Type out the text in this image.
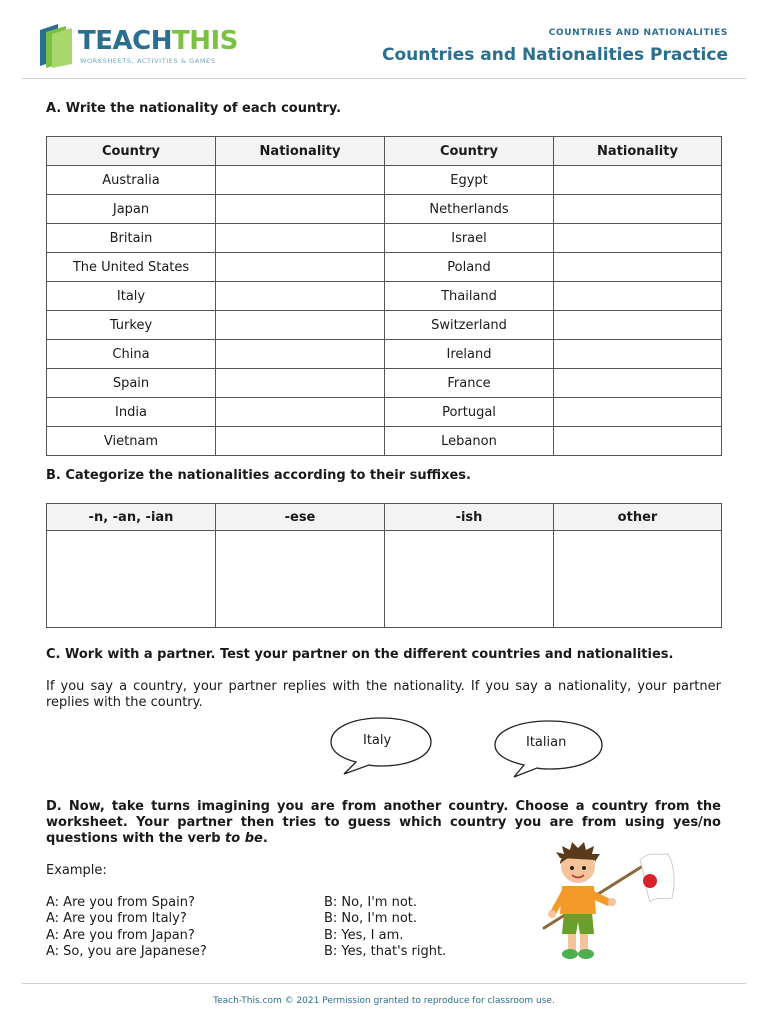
TEACHTHIS
WORKSHEETS, ACTIVITIES & GAMES
COUNTRIES AND NATIONALITIES
Countries and Nationalities Practice
A. Write the nationality of each country.
Country	Nationality	Country	Nationality
Australia		Egypt	
Japan		Netherlands	
Britain		Israel	
The United States		Poland	
Italy		Thailand	
Turkey		Switzerland	
China		Ireland	
Spain		France	
India		Portugal	
Vietnam		Lebanon	
B. Categorize the nationalities according to their suffixes.
-n, -an, -ian	-ese	-ish	other

C. Work with a partner. Test your partner on the different countries and nationalities.
If you say a country, your partner replies with the nationality. If you say a nationality, your partner replies with the country.
Italy	Italian
D. Now, take turns imagining you are from another country. Choose a country from the worksheet. Your partner then tries to guess which country you are from using yes/no questions with the verb to be.
Example:
A: Are you from Spain?	B: No, I'm not.
A: Are you from Italy?	B: No, I'm not.
A: Are you from Japan?	B: Yes, I am.
A: So, you are Japanese?	B: Yes, that's right.
Teach-This.com © 2021 Permission granted to reproduce for classroom use.
